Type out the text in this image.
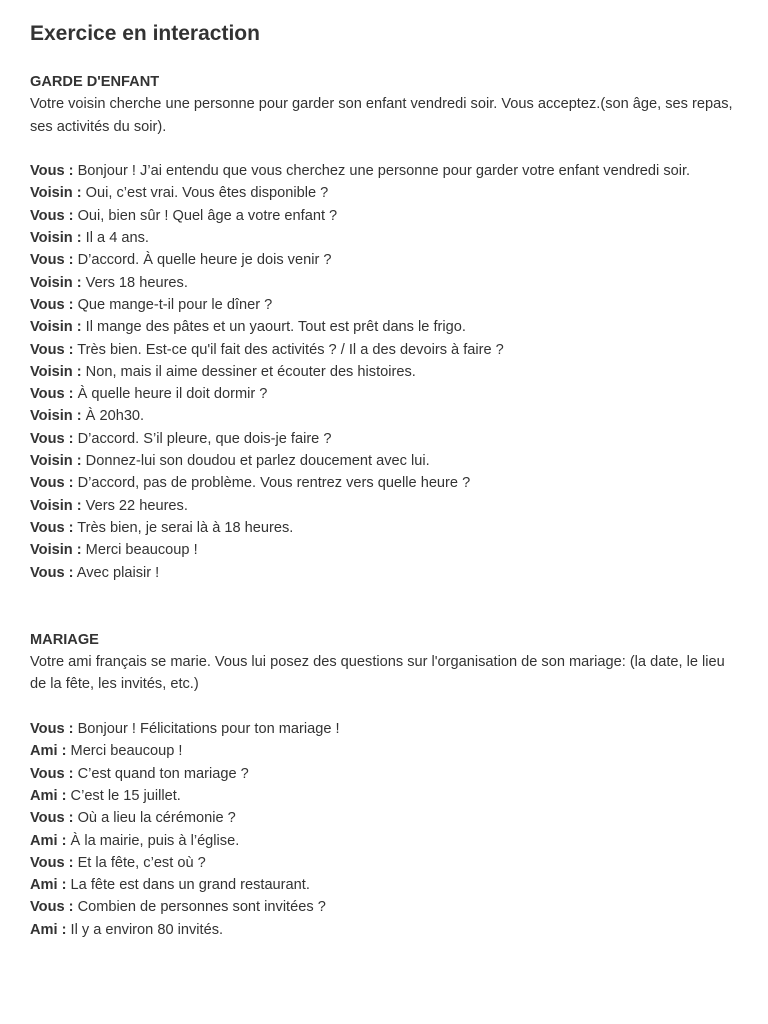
Exercice en interaction

GARDE D'ENFANT

Votre voisin cherche une personne pour garder son enfant vendredi soir. Vous acceptez.(son âge, ses repas, ses activités du soir).

Vous : Bonjour ! J’ai entendu que vous cherchez une personne pour garder votre enfant vendredi soir.

Voisin : Oui, c’est vrai. Vous êtes disponible ?

Vous : Oui, bien sûr ! Quel âge a votre enfant ?

Voisin : Il a 4 ans.

Vous : D’accord. À quelle heure je dois venir ?

Voisin : Vers 18 heures.

Vous : Que mange-t-il pour le dîner ?

Voisin : Il mange des pâtes et un yaourt. Tout est prêt dans le frigo.

Vous : Très bien. Est-ce qu'il fait des activités ? / Il a des devoirs à faire ?

Voisin : Non, mais il aime dessiner et écouter des histoires.

Vous : À quelle heure il doit dormir ?

Voisin : À 20h30.

Vous : D’accord. S’il pleure, que dois-je faire ?

Voisin : Donnez-lui son doudou et parlez doucement avec lui.

Vous : D’accord, pas de problème. Vous rentrez vers quelle heure ?

Voisin : Vers 22 heures.

Vous : Très bien, je serai là à 18 heures.

Voisin : Merci beaucoup !

Vous : Avec plaisir !

MARIAGE

Votre ami français se marie. Vous lui posez des questions sur l'organisation de son mariage: (la date, le lieu de la fête, les invités, etc.)

Vous : Bonjour ! Félicitations pour ton mariage !

Ami : Merci beaucoup !

Vous : C’est quand ton mariage ?

Ami : C’est le 15 juillet.

Vous : Où a lieu la cérémonie ?

Ami : À la mairie, puis à l’église.

Vous : Et la fête, c’est où ?

Ami : La fête est dans un grand restaurant.

Vous : Combien de personnes sont invitées ?

Ami : Il y a environ 80 invités.
